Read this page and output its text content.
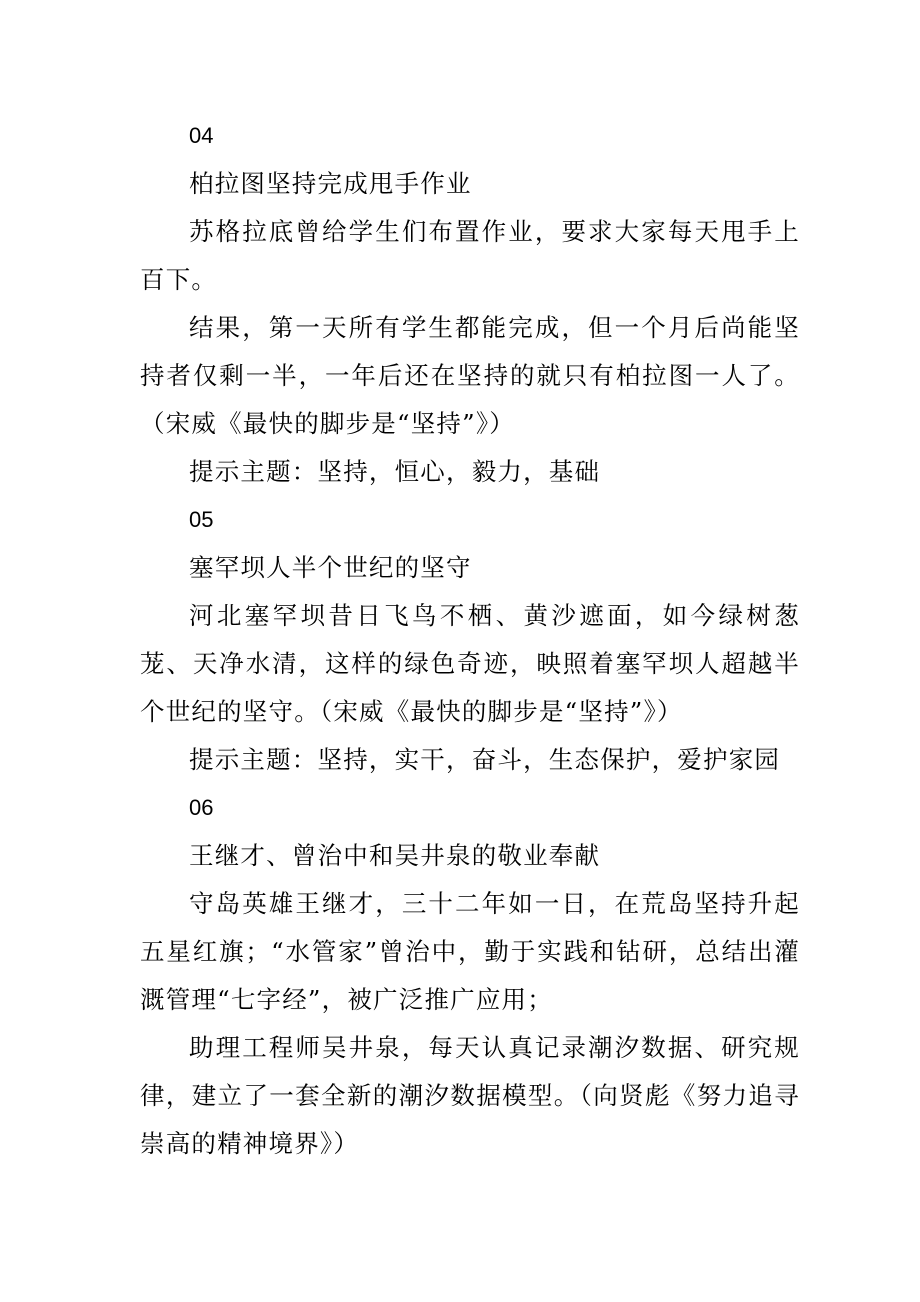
04

柏拉图坚持完成甩手作业

苏格拉底曾给学生们布置作业，要求大家每天甩手上百下。

结果，第一天所有学生都能完成，但一个月后尚能坚持者仅剩一半，一年后还在坚持的就只有柏拉图一人了。（宋威《最快的脚步是“坚持”》）

提示主题：坚持，恒心，毅力，基础

05

塞罕坝人半个世纪的坚守

河北塞罕坝昔日飞鸟不栖、黄沙遮面，如今绿树葱茏、天净水清，这样的绿色奇迹，映照着塞罕坝人超越半个世纪的坚守。（宋威《最快的脚步是“坚持”》）

提示主题：坚持，实干，奋斗，生态保护，爱护家园

06

王继才、曾治中和吴井泉的敬业奉献

守岛英雄王继才，三十二年如一日，在荒岛坚持升起五星红旗；“水管家”曾治中，勤于实践和钻研，总结出灌溉管理“七字经”，被广泛推广应用；

助理工程师吴井泉，每天认真记录潮汐数据、研究规律，建立了一套全新的潮汐数据模型。（向贤彪《努力追寻崇高的精神境界》）
